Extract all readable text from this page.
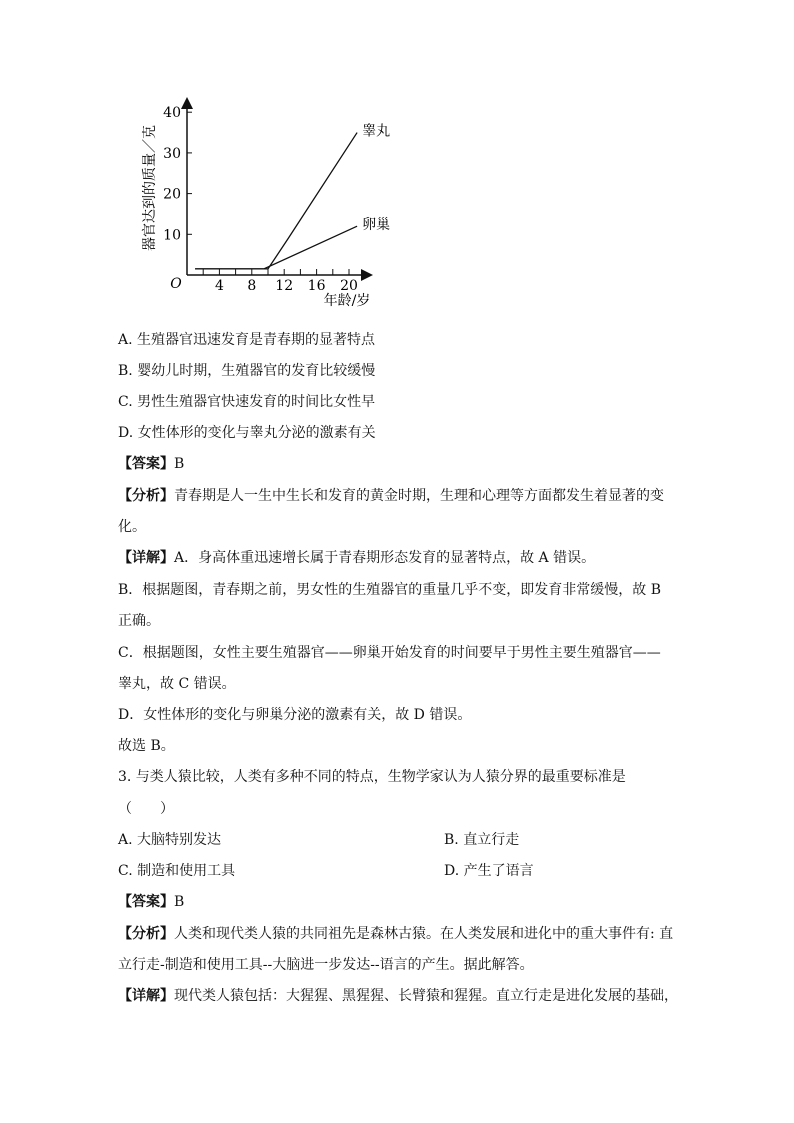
4 8 12 16 20
10
20
30
40
睾丸
卵巢
O
年龄/岁
器官达到的质量／克
A. 生殖器官迅速发育是青春期的显著特点
B. 婴幼儿时期，生殖器官的发育比较缓慢
C. 男性生殖器官快速发育的时间比女性早
D. 女性体形的变化与睾丸分泌的激素有关
【答案】B
【分析】青春期是人一生中生长和发育的黄金时期，生理和心理等方面都发生着显著的变
化。
【详解】A．身高体重迅速增长属于青春期形态发育的显著特点，故 A 错误。
B．根据题图，青春期之前，男女性的生殖器官的重量几乎不变，即发育非常缓慢，故 B
正确。
C．根据题图，女性主要生殖器官——卵巢开始发育的时间要早于男性主要生殖器官——
睾丸，故 C 错误。
D．女性体形的变化与卵巢分泌的激素有关，故 D 错误。
故选 B。
3. 与类人猿比较，人类有多种不同的特点，生物学家认为人猿分界的最重要标准是
（　　）
A. 大脑特别发达	B. 直立行走
C. 制造和使用工具	D. 产生了语言
【答案】B
【分析】人类和现代类人猿的共同祖先是森林古猿。在人类发展和进化中的重大事件有: 直
立行走-制造和使用工具--大脑进一步发达--语言的产生。据此解答。
【详解】现代类人猿包括：大猩猩、黑猩猩、长臂猿和猩猩。直立行走是进化发展的基础，
